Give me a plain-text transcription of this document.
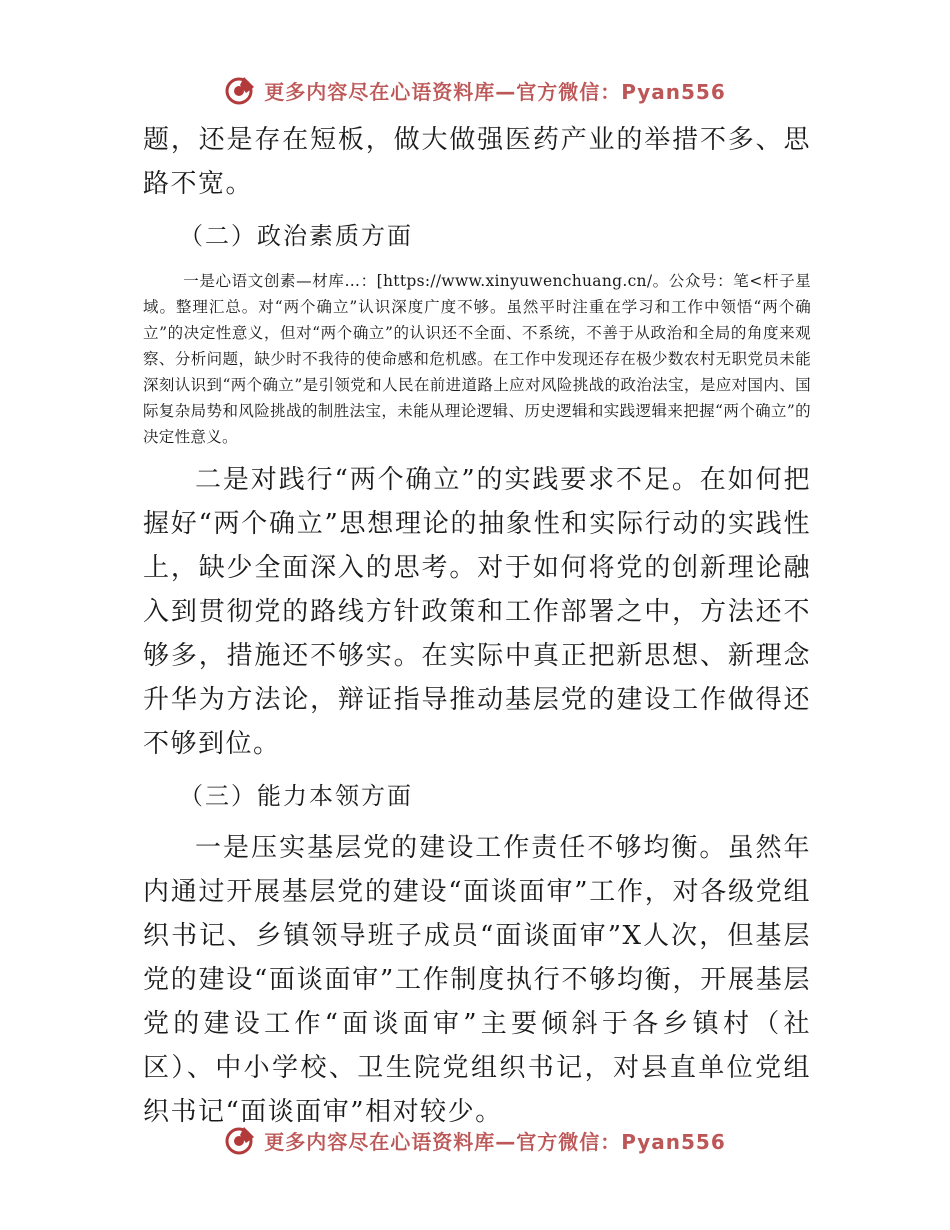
更多内容尽在心语资料库—官方微信：Pyan556

题，还是存在短板，做大做强医药产业的举措不多、思路不宽。

（二）政治素质方面

一是心语文创素—材库…：[https://www.xinyuwenchuang.cn/。公众号：笔<杆子星域。整理汇总。对“两个确立”认识深度广度不够。虽然平时注重在学习和工作中领悟“两个确立”的决定性意义，但对“两个确立”的认识还不全面、不系统，不善于从政治和全局的角度来观察、分析问题，缺少时不我待的使命感和危机感。在工作中发现还存在极少数农村无职党员未能深刻认识到“两个确立”是引领党和人民在前进道路上应对风险挑战的政治法宝，是应对国内、国际复杂局势和风险挑战的制胜法宝，未能从理论逻辑、历史逻辑和实践逻辑来把握“两个确立”的决定性意义。

二是对践行“两个确立”的实践要求不足。在如何把握好“两个确立”思想理论的抽象性和实际行动的实践性上，缺少全面深入的思考。对于如何将党的创新理论融入到贯彻党的路线方针政策和工作部署之中，方法还不够多，措施还不够实。在实际中真正把新思想、新理念升华为方法论，辩证指导推动基层党的建设工作做得还不够到位。

（三）能力本领方面

一是压实基层党的建设工作责任不够均衡。虽然年内通过开展基层党的建设“面谈面审”工作，对各级党组织书记、乡镇领导班子成员“面谈面审”X人次，但基层党的建设“面谈面审”工作制度执行不够均衡，开展基层党的建设工作“面谈面审”主要倾斜于各乡镇村（社区）、中小学校、卫生院党组织书记，对县直单位党组织书记“面谈面审”相对较少。

更多内容尽在心语资料库—官方微信：Pyan556
